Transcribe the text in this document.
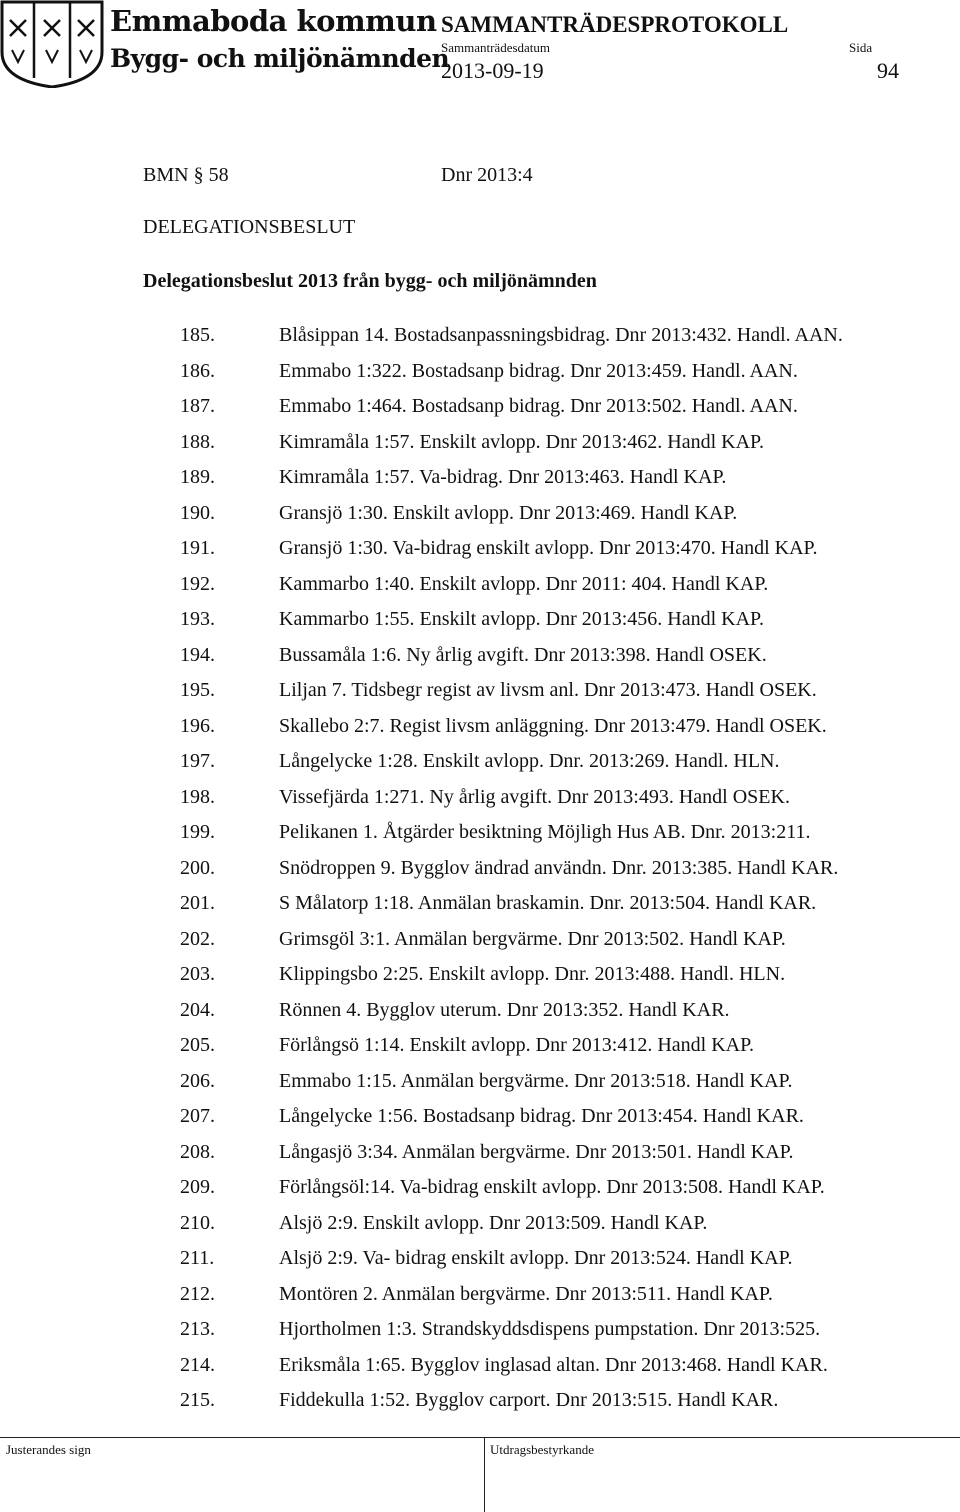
Emmaboda kommun
Bygg- och miljönämnden
SAMMANTRÄDESPROTOKOLL
Sammanträdesdatum	Sida
2013-09-19	94
BMN § 58	Dnr 2013:4
DELEGATIONSBESLUT
Delegationsbeslut 2013 från bygg- och miljönämnden
185.	Blåsippan 14. Bostadsanpassningsbidrag. Dnr 2013:432. Handl. AAN.
186.	Emmabo 1:322. Bostadsanp bidrag. Dnr 2013:459. Handl. AAN.
187.	Emmabo 1:464. Bostadsanp bidrag. Dnr 2013:502. Handl. AAN.
188.	Kimramåla 1:57. Enskilt avlopp. Dnr 2013:462. Handl KAP.
189.	Kimramåla 1:57. Va-bidrag. Dnr 2013:463. Handl KAP.
190.	Gransjö 1:30. Enskilt avlopp. Dnr 2013:469. Handl KAP.
191.	Gransjö 1:30. Va-bidrag enskilt avlopp. Dnr 2013:470. Handl KAP.
192.	Kammarbo 1:40. Enskilt avlopp. Dnr 2011: 404. Handl KAP.
193.	Kammarbo 1:55. Enskilt avlopp. Dnr 2013:456. Handl KAP.
194.	Bussamåla 1:6. Ny årlig avgift. Dnr 2013:398. Handl OSEK.
195.	Liljan 7. Tidsbegr regist av livsm anl. Dnr 2013:473. Handl OSEK.
196.	Skallebo 2:7. Regist livsm anläggning. Dnr 2013:479. Handl OSEK.
197.	Långelycke 1:28. Enskilt avlopp. Dnr. 2013:269. Handl. HLN.
198.	Vissefjärda 1:271. Ny årlig avgift. Dnr 2013:493. Handl OSEK.
199.	Pelikanen 1. Åtgärder besiktning Möjligh Hus AB. Dnr. 2013:211.
200.	Snödroppen 9. Bygglov ändrad användn. Dnr. 2013:385. Handl KAR.
201.	S Målatorp 1:18. Anmälan braskamin. Dnr. 2013:504. Handl KAR.
202.	Grimsgöl 3:1. Anmälan bergvärme. Dnr 2013:502. Handl KAP.
203.	Klippingsbo 2:25. Enskilt avlopp. Dnr. 2013:488. Handl. HLN.
204.	Rönnen 4. Bygglov uterum. Dnr 2013:352. Handl KAR.
205.	Förlångsö 1:14. Enskilt avlopp. Dnr 2013:412. Handl KAP.
206.	Emmabo 1:15. Anmälan bergvärme. Dnr 2013:518. Handl KAP.
207.	Långelycke 1:56. Bostadsanp bidrag. Dnr 2013:454. Handl KAR.
208.	Långasjö 3:34. Anmälan bergvärme. Dnr 2013:501. Handl KAP.
209.	Förlångsöl:14. Va-bidrag enskilt avlopp. Dnr 2013:508. Handl KAP.
210.	Alsjö 2:9. Enskilt avlopp. Dnr 2013:509. Handl KAP.
211.	Alsjö 2:9. Va- bidrag enskilt avlopp. Dnr 2013:524. Handl KAP.
212.	Montören 2. Anmälan bergvärme. Dnr 2013:511. Handl KAP.
213.	Hjortholmen 1:3. Strandskyddsdispens pumpstation. Dnr 2013:525.
214.	Eriksmåla 1:65. Bygglov inglasad altan. Dnr 2013:468. Handl KAR.
215.	Fiddekulla 1:52. Bygglov carport. Dnr 2013:515. Handl KAR.
Justerandes sign	Utdragsbestyrkande
